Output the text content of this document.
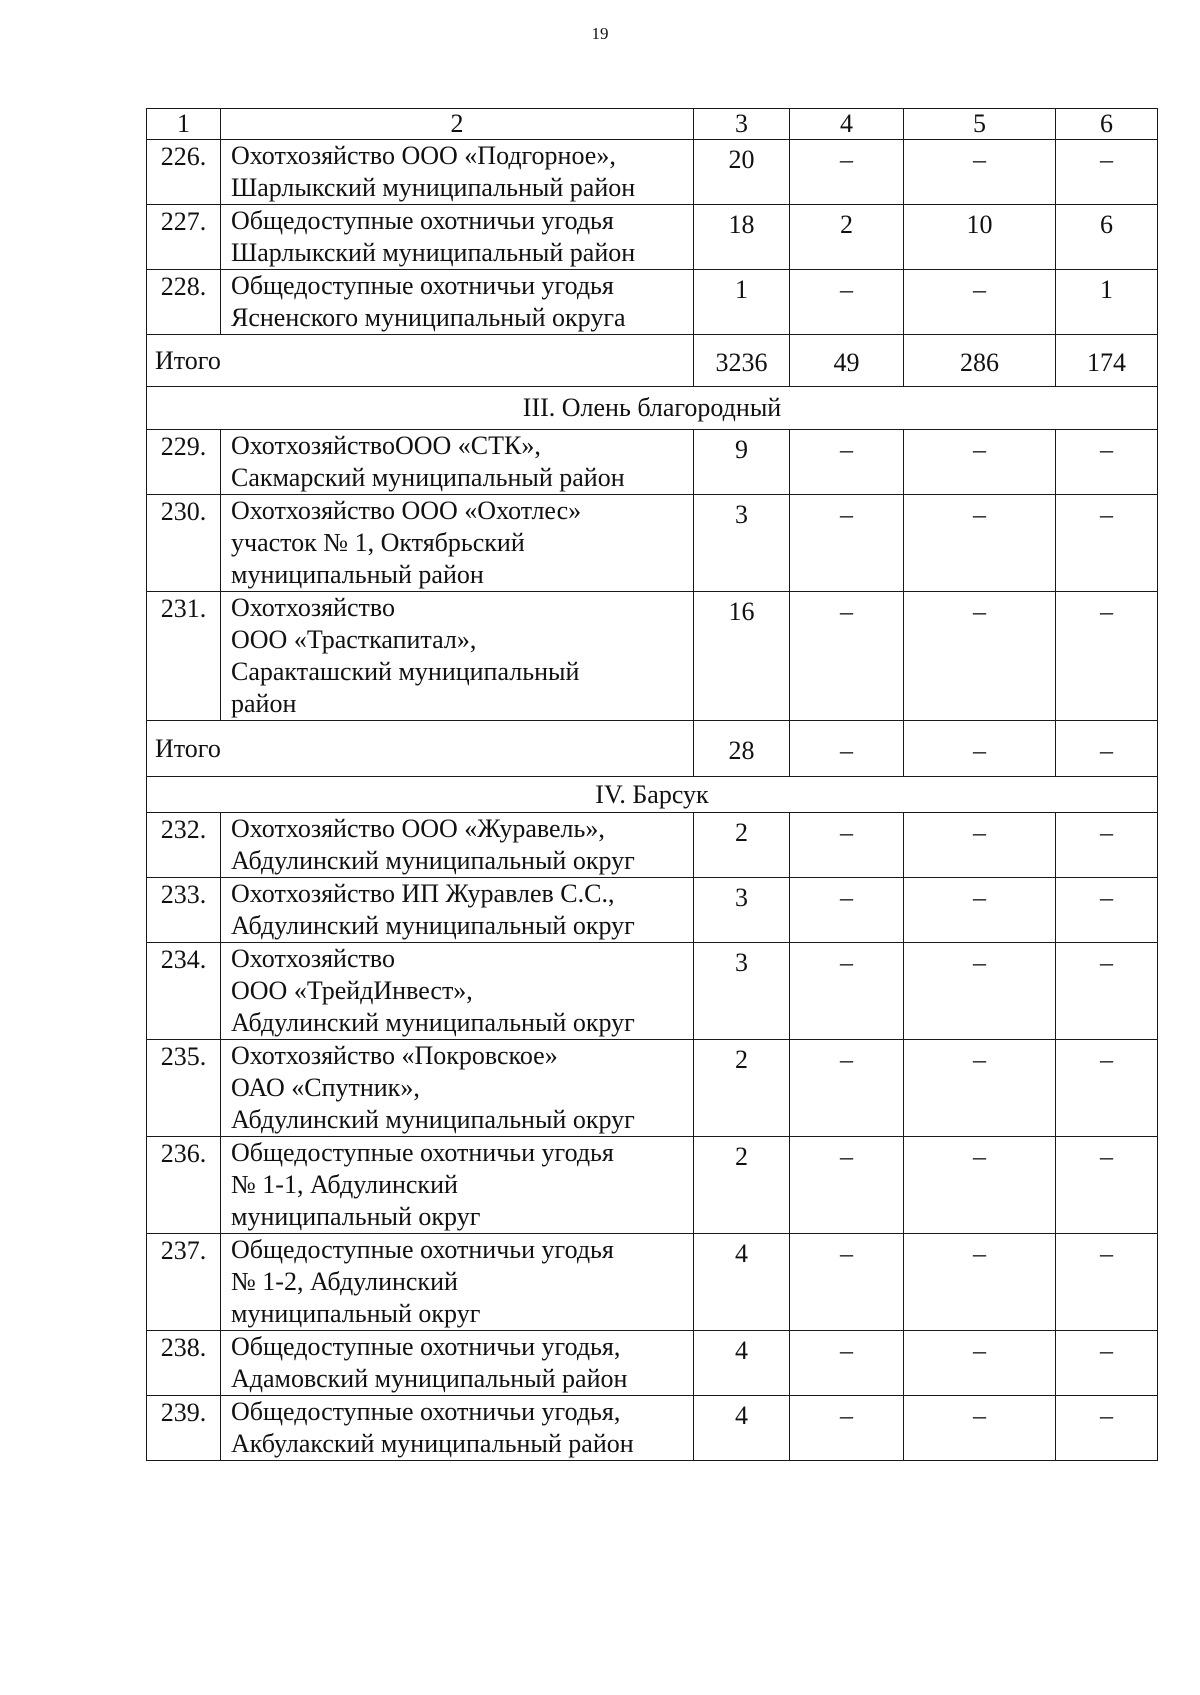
19
1	2	3	4	5	6
226.	Охотхозяйство ООО «Подгорное»,
Шарлыкский муниципальный район	20	–	–	–
227.	Общедоступные охотничьи угодья
Шарлыкский муниципальный район	18	2	10	6
228.	Общедоступные охотничьи угодья
Ясненского муниципальный округа	1	–	–	1
Итого		3236	49	286	174
III. Олень благородный					
229.	ОхотхозяйствоООО «СТК»,
Сакмарский муниципальный район	9	–	–	–
230.	Охотхозяйство ООО «Охотлес»
участок № 1, Октябрьский
муниципальный район	3	–	–	–
231.	Охотхозяйство
ООО «Трасткапитал»,
Саракташский муниципальный
район	16	–	–	–
Итого		28	–	–	–
IV. Барсук					
232.	Охотхозяйство ООО «Журавель»,
Абдулинский муниципальный округ	2	–	–	–
233.	Охотхозяйство ИП Журавлев С.С.,
Абдулинский муниципальный округ	3	–	–	–
234.	Охотхозяйство
ООО «ТрейдИнвест»,
Абдулинский муниципальный округ	3	–	–	–
235.	Охотхозяйство «Покровское»
ОАО «Спутник»,
Абдулинский муниципальный округ	2	–	–	–
236.	Общедоступные охотничьи угодья
№ 1-1, Абдулинский
муниципальный округ	2	–	–	–
237.	Общедоступные охотничьи угодья
№ 1-2, Абдулинский
муниципальный округ	4	–	–	–
238.	Общедоступные охотничьи угодья,
Адамовский муниципальный район	4	–	–	–
239.	Общедоступные охотничьи угодья,
Акбулакский муниципальный район	4	–	–	–
